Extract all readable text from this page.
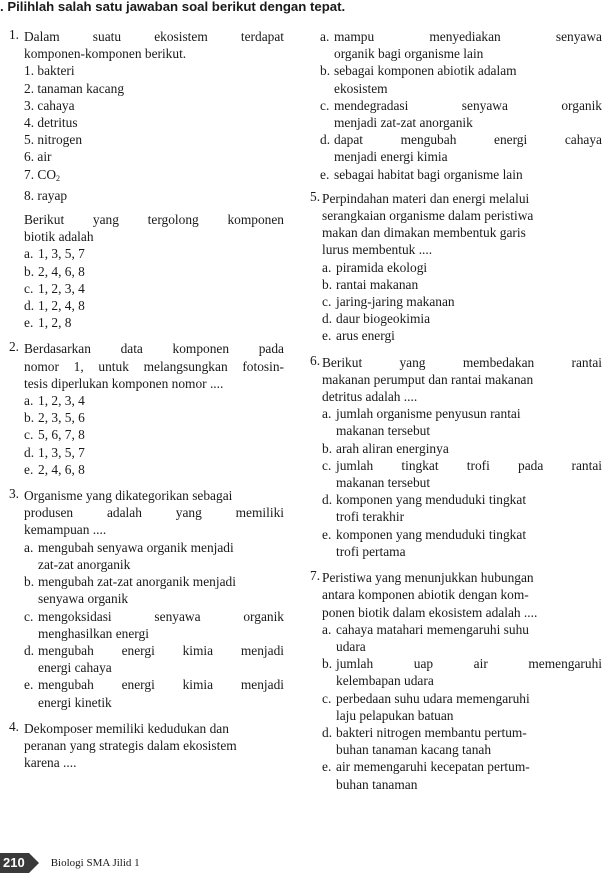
. Pilihlah salah satu jawaban soal berikut dengan tepat.
1. Dalam suatu ekosistem terdapat
komponen-komponen berikut.
1. bakteri
2. tanaman kacang
3. cahaya
4. detritus
5. nitrogen
6. air
7. $CO_2$
8. rayap
Berikut yang tergolong komponen
biotik adalah
a. 1, 3, 5, 7
b. 2, 4, 6, 8
c. 1, 2, 3, 4
d. 1, 2, 4, 8
e. 1, 2, 8
2. Berdasarkan data komponen pada
nomor 1, untuk melangsungkan fotosin-
tesis diperlukan komponen nomor ....
a. 1, 2, 3, 4
b. 2, 3, 5, 6
c. 5, 6, 7, 8
d. 1, 3, 5, 7
e. 2, 4, 6, 8
3. Organisme yang dikategorikan sebagai
produsen adalah yang memiliki
kemampuan ....
a. mengubah senyawa organik menjadi
zat-zat anorganik
b. mengubah zat-zat anorganik menjadi
senyawa organik
c. mengoksidasi senyawa organik
menghasilkan energi
d. mengubah energi kimia menjadi
energi cahaya
e. mengubah energi kimia menjadi
energi kinetik
4. Dekomposer memiliki kedudukan dan
peranan yang strategis dalam ekosistem
karena ....
a. mampu menyediakan senyawa
organik bagi organisme lain
b. sebagai komponen abiotik adalam
ekosistem
c. mendegradasi senyawa organik
menjadi zat-zat anorganik
d. dapat mengubah energi cahaya
menjadi energi kimia
e. sebagai habitat bagi organisme lain
5. Perpindahan materi dan energi melalui
serangkaian organisme dalam peristiwa
makan dan dimakan membentuk garis
lurus membentuk ....
a. piramida ekologi
b. rantai makanan
c. jaring-jaring makanan
d. daur biogeokimia
e. arus energi
6. Berikut yang membedakan rantai
makanan perumput dan rantai makanan
detritus adalah ....
a. jumlah organisme penyusun rantai
makanan tersebut
b. arah aliran energinya
c. jumlah tingkat trofi pada rantai
makanan tersebut
d. komponen yang menduduki tingkat
trofi terakhir
e. komponen yang menduduki tingkat
trofi pertama
7. Peristiwa yang menunjukkan hubungan
antara komponen abiotik dengan kom-
ponen biotik dalam ekosistem adalah ....
a. cahaya matahari memengaruhi suhu
udara
b. jumlah uap air memengaruhi
kelembapan udara
c. perbedaan suhu udara memengaruhi
laju pelapukan batuan
d. bakteri nitrogen membantu pertum-
buhan tanaman kacang tanah
e. air memengaruhi kecepatan pertum-
buhan tanaman
210	Biologi SMA Jilid 1
